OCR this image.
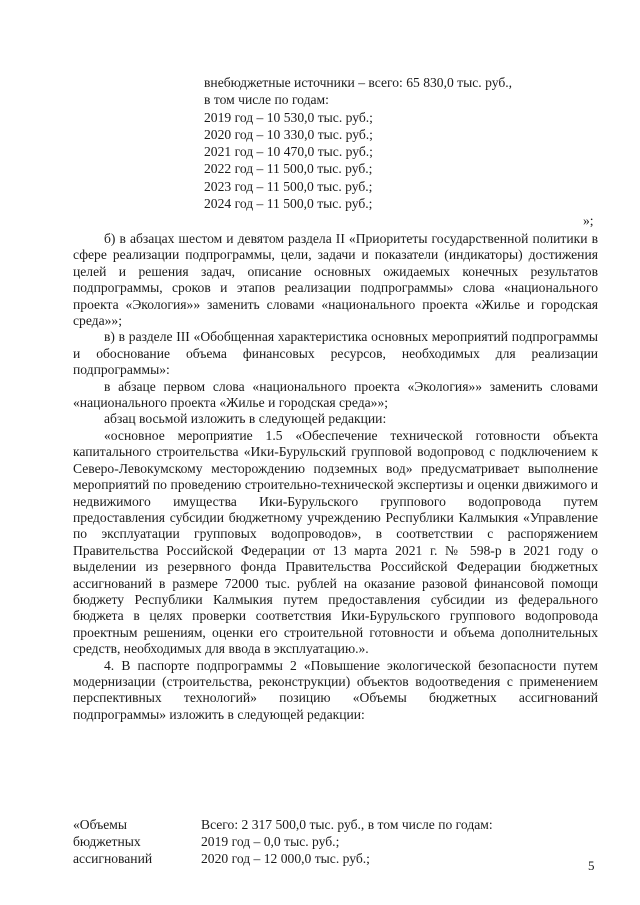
внебюджетные источники – всего: 65 830,0 тыс. руб.,
в том числе по годам:
2019 год – 10 530,0 тыс. руб.;
2020 год – 10 330,0 тыс. руб.;
2021 год – 10 470,0 тыс. руб.;
2022 год – 11 500,0 тыс. руб.;
2023 год – 11 500,0 тыс. руб.;
2024 год – 11 500,0 тыс. руб.;
»;

б) в абзацах шестом и девятом раздела II «Приоритеты государственной политики в сфере реализации подпрограммы, цели, задачи и показатели (индикаторы) достижения целей и решения задач, описание основных ожидаемых конечных результатов подпрограммы, сроков и этапов реализации подпрограммы» слова «национального проекта «Экология»» заменить словами «национального проекта «Жилье и городская среда»»;

в) в разделе III «Обобщенная характеристика основных мероприятий подпрограммы и обоснование объема финансовых ресурсов, необходимых для реализации подпрограммы»:

в абзаце первом слова «национального проекта «Экология»» заменить словами «национального проекта «Жилье и городская среда»»;

абзац восьмой изложить в следующей редакции:

«основное мероприятие 1.5 «Обеспечение технической готовности объекта капитального строительства «Ики-Бурульский групповой водопровод с подключением к Северо-Левокумскому месторождению подземных вод» предусматривает выполнение мероприятий по проведению строительно-технической экспертизы и оценки движимого и недвижимого имущества Ики-Бурульского группового водопровода путем предоставления субсидии бюджетному учреждению Республики Калмыкия «Управление по эксплуатации групповых водопроводов», в соответствии с распоряжением Правительства Российской Федерации от 13 марта 2021 г. № 598-р в 2021 году о выделении из резервного фонда Правительства Российской Федерации бюджетных ассигнований в размере 72000 тыс. рублей на оказание разовой финансовой помощи бюджету Республики Калмыкия путем предоставления субсидии из федерального бюджета в целях проверки соответствия Ики-Бурульского группового водопровода проектным решениям, оценки его строительной готовности и объема дополнительных средств, необходимых для ввода в эксплуатацию.».

4. В паспорте подпрограммы 2 «Повышение экологической безопасности путем модернизации (строительства, реконструкции) объектов водоотведения с применением перспективных технологий» позицию «Объемы бюджетных ассигнований подпрограммы» изложить в следующей редакции:

«Объемы	Всего: 2 317 500,0 тыс. руб., в том числе по годам:
бюджетных	2019 год – 0,0 тыс. руб.;
ассигнований	2020 год – 12 000,0 тыс. руб.;	5
